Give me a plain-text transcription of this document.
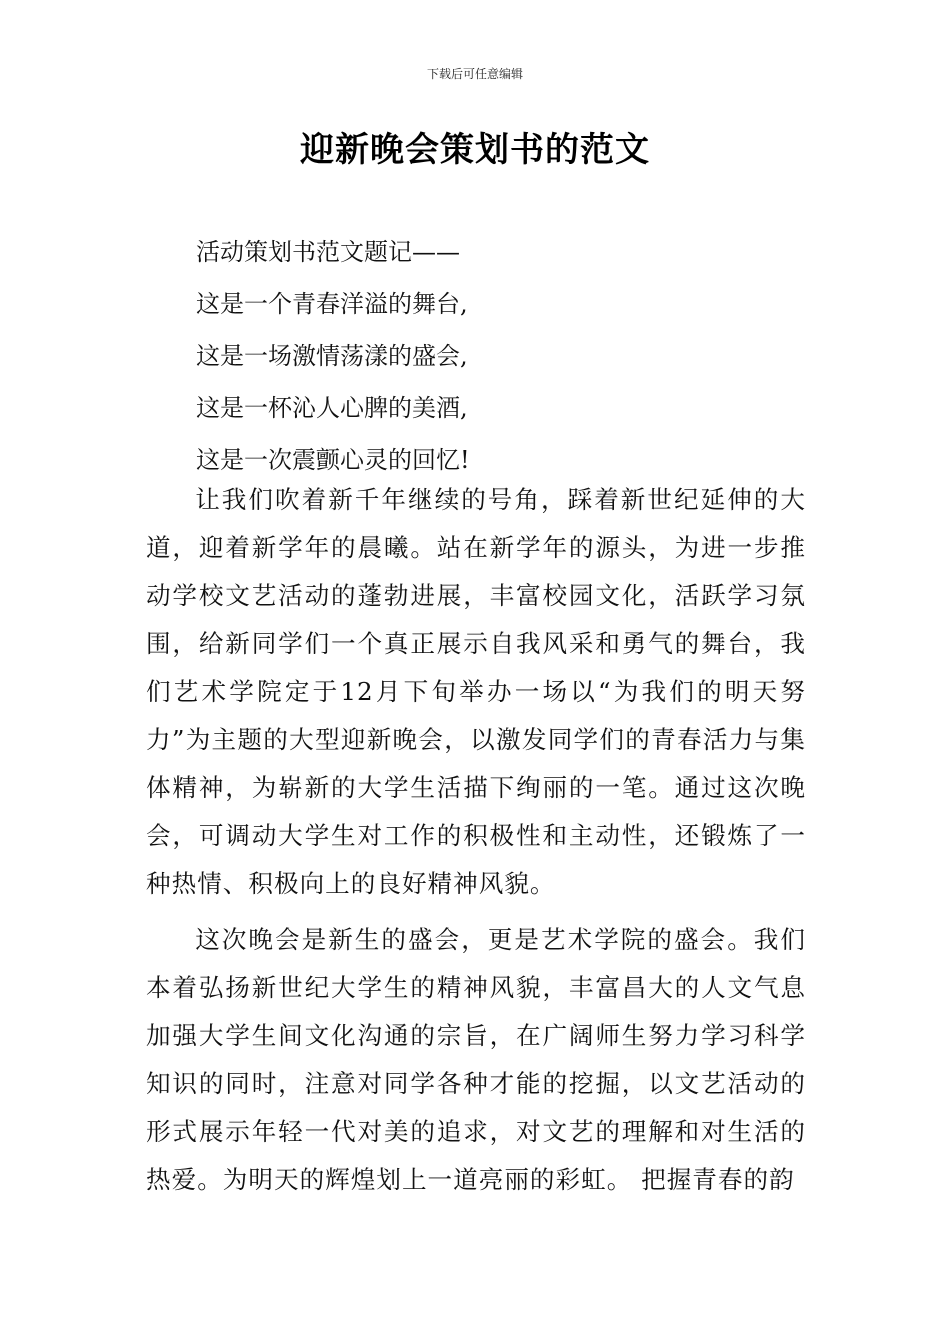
下载后可任意编辑
迎新晚会策划书的范文
活动策划书范文题记——
这是一个青春洋溢的舞台,
这是一场激情荡漾的盛会,
这是一杯沁人心脾的美酒,
这是一次震颤心灵的回忆!

让我们吹着新千年继续的号角，踩着新世纪延伸的大道，迎着新学年的晨曦。站在新学年的源头，为进一步推动学校文艺活动的蓬勃进展，丰富校园文化，活跃学习氛围，给新同学们一个真正展示自我风采和勇气的舞台，我们艺术学院定于12月下旬举办一场以“为我们的明天努力”为主题的大型迎新晚会，以激发同学们的青春活力与集体精神，为崭新的大学生活描下绚丽的一笔。通过这次晚会，可调动大学生对工作的积极性和主动性，还锻炼了一种热情、积极向上的良好精神风貌。

这次晚会是新生的盛会，更是艺术学院的盛会。我们本着弘扬新世纪大学生的精神风貌，丰富昌大的人文气息加强大学生间文化沟通的宗旨，在广阔师生努力学习科学知识的同时，注意对同学各种才能的挖掘，以文艺活动的形式展示年轻一代对美的追求，对文艺的理解和对生活的热爱。为明天的辉煌划上一道亮丽的彩虹。 把握青春的韵
